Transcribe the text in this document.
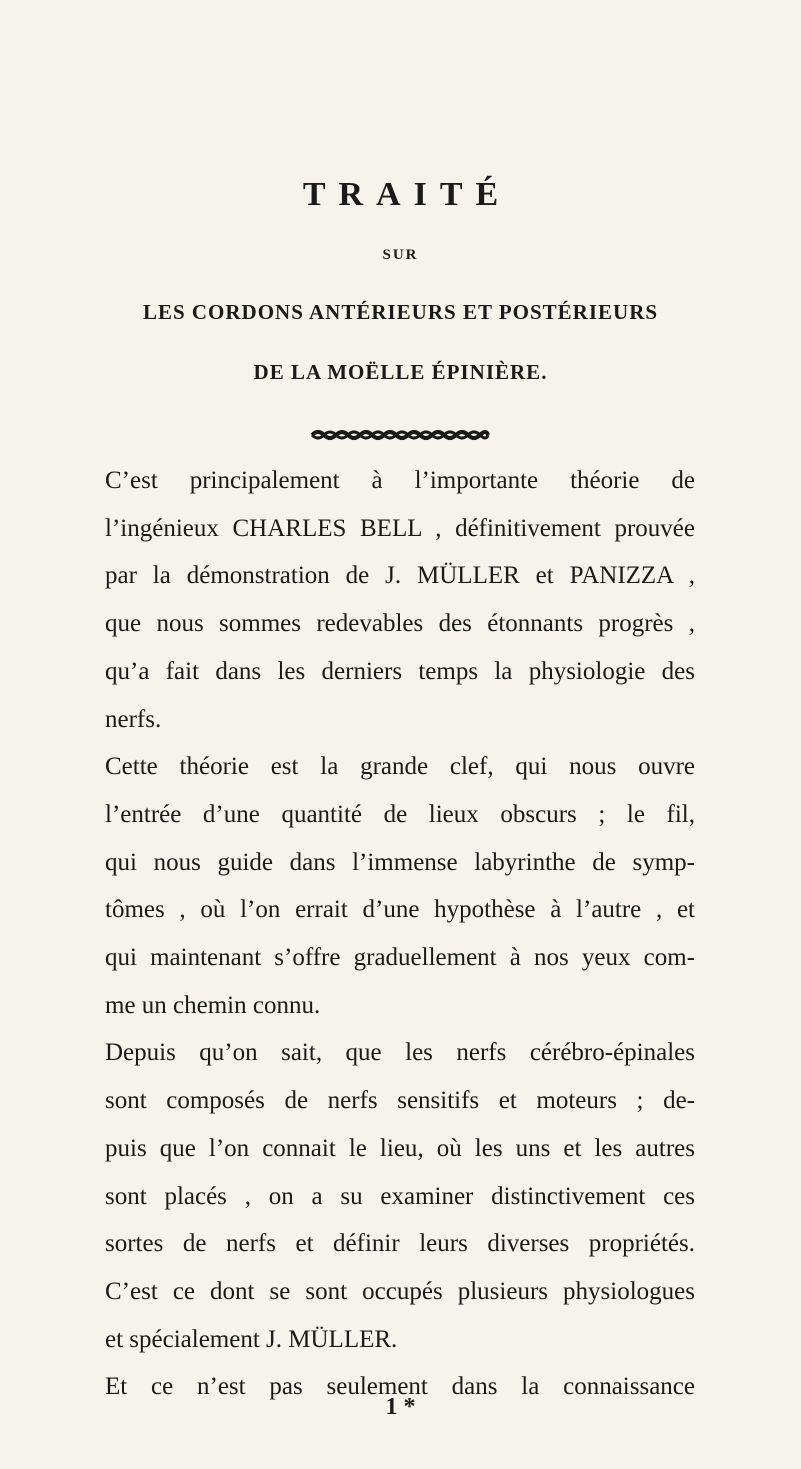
TRAITÉ
SUR
LES CORDONS ANTÉRIEURS ET POSTÉRIEURS
DE LA MOËLLE ÉPINIÈRE.
C’est principalement à l’importante théorie de
l’ingénieux CHARLES BELL , définitivement prouvée
par la démonstration de J. MÜLLER et PANIZZA ,
que nous sommes redevables des étonnants progrès ,
qu’a fait dans les derniers temps la physiologie des
nerfs.
Cette théorie est la grande clef, qui nous ouvre
l’entrée d’une quantité de lieux obscurs ; le fil,
qui nous guide dans l’immense labyrinthe de symp-
tômes , où l’on errait d’une hypothèse à l’autre , et
qui maintenant s’offre graduellement à nos yeux com-
me un chemin connu.
Depuis qu’on sait, que les nerfs cérébro-épinales
sont composés de nerfs sensitifs et moteurs ; de-
puis que l’on connait le lieu, où les uns et les autres
sont placés , on a su examiner distinctivement ces
sortes de nerfs et définir leurs diverses propriétés.
C’est ce dont se sont occupés plusieurs physiologues
et spécialement J. MÜLLER.
Et ce n’est pas seulement dans la connaissance
1 *
